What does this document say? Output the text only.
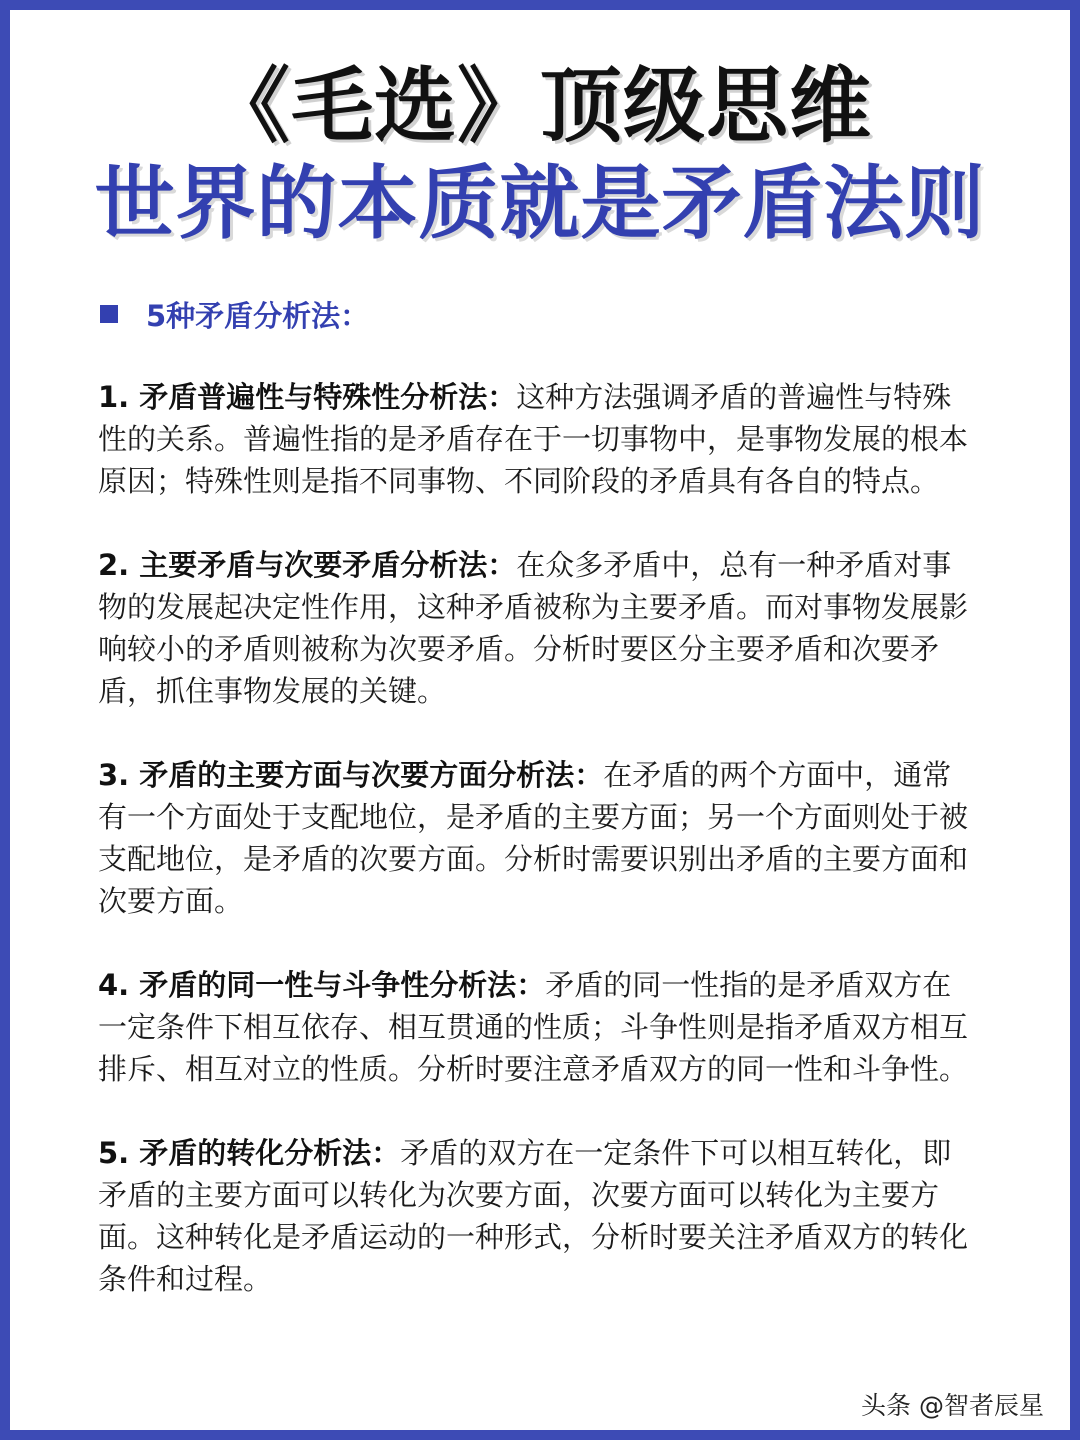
《毛选》顶级思维
世界的本质就是矛盾法则
5种矛盾分析法：
1. 矛盾普遍性与特殊性分析法：这种方法强调矛盾的普遍性与特殊性的关系。普遍性指的是矛盾存在于一切事物中，是事物发展的根本原因；特殊性则是指不同事物、不同阶段的矛盾具有各自的特点。
2. 主要矛盾与次要矛盾分析法：在众多矛盾中，总有一种矛盾对事物的发展起决定性作用，这种矛盾被称为主要矛盾。而对事物发展影响较小的矛盾则被称为次要矛盾。分析时要区分主要矛盾和次要矛盾，抓住事物发展的关键。
3. 矛盾的主要方面与次要方面分析法：在矛盾的两个方面中，通常有一个方面处于支配地位，是矛盾的主要方面；另一个方面则处于被支配地位，是矛盾的次要方面。分析时需要识别出矛盾的主要方面和次要方面。
4. 矛盾的同一性与斗争性分析法：矛盾的同一性指的是矛盾双方在一定条件下相互依存、相互贯通的性质；斗争性则是指矛盾双方相互排斥、相互对立的性质。分析时要注意矛盾双方的同一性和斗争性。
5. 矛盾的转化分析法：矛盾的双方在一定条件下可以相互转化，即矛盾的主要方面可以转化为次要方面，次要方面可以转化为主要方面。这种转化是矛盾运动的一种形式，分析时要关注矛盾双方的转化条件和过程。
头条 @智者辰星
